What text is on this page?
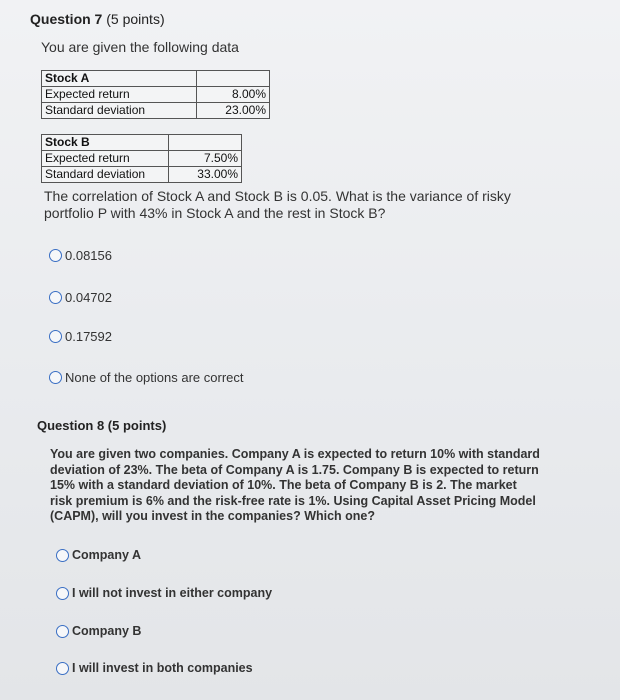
Question 7 (5 points)
You are given the following data
Stock A	
Expected return	8.00%
Standard deviation	23.00%
Stock B	
Expected return	7.50%
Standard deviation	33.00%
The correlation of Stock A and Stock B is 0.05. What is the variance of risky portfolio P with 43% in Stock A and the rest in Stock B?
0.08156
0.04702
0.17592
None of the options are correct
Question 8 (5 points)
You are given two companies. Company A is expected to return 10% with standard deviation of 23%. The beta of Company A is 1.75. Company B is expected to return 15% with a standard deviation of 10%. The beta of Company B is 2. The market risk premium is 6% and the risk-free rate is 1%. Using Capital Asset Pricing Model (CAPM), will you invest in the companies? Which one?
Company A
I will not invest in either company
Company B
I will invest in both companies
